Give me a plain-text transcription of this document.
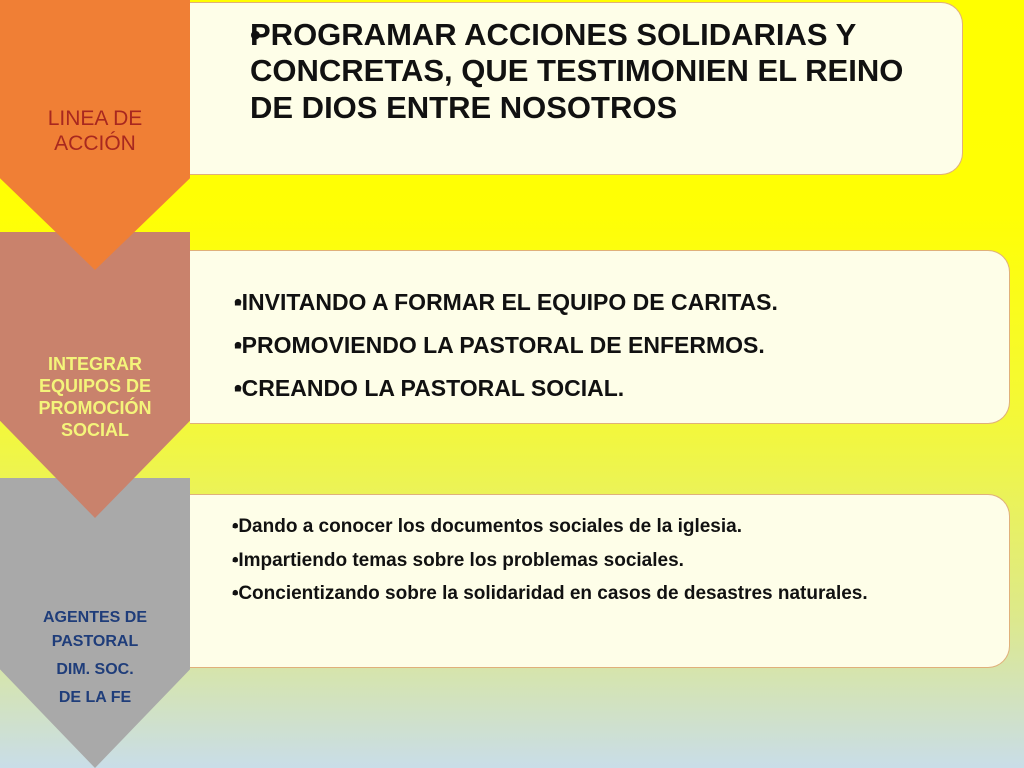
LINEA DE
ACCIÓN
INTEGRAR
EQUIPOS DE
PROMOCIÓN
SOCIAL
AGENTES DE
PASTORAL
DIM. SOC.
DE LA FE
• PROGRAMAR ACCIONES SOLIDARIAS Y CONCRETAS, QUE TESTIMONIEN EL REINO DE DIOS ENTRE NOSOTROS
• -INVITANDO A FORMAR EL EQUIPO DE CARITAS.
• -PROMOVIENDO LA PASTORAL DE ENFERMOS.
• -CREANDO LA PASTORAL SOCIAL.
• -Dando a conocer los documentos sociales de la iglesia.
• -Impartiendo temas sobre los problemas sociales.
• -Concientizando sobre la solidaridad en casos de desastres naturales.
